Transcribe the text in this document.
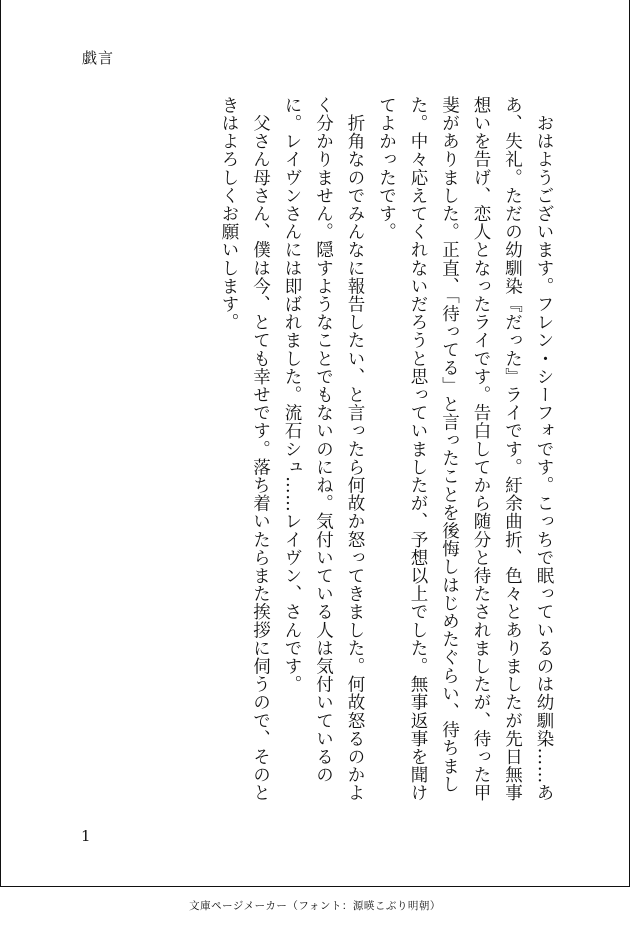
戯言

　おはようございます。フレン・シーフォです。こっちで眠っているのは幼馴染……ああ、失礼。ただの幼馴染『だった』ライです。紆余曲折、色々とありましたが先日無事想いを告げ、恋人となったライです。告白してから随分と待たされましたが、待った甲斐がありました。正直、「待ってる」と言ったことを後悔しはじめたぐらい、待ちました。中々応えてくれないだろうと思っていましたが、予想以上でした。無事返事を聞けてよかったです。

　折角なのでみんなに報告したい、と言ったら何故か怒ってきました。何故怒るのかよく分かりません。隠すようなことでもないのにね。気付いている人は気付いているのに。レイヴンさんには即ばれました。流石シュ……レイヴン、さんです。

　父さん母さん、僕は今、とても幸せです。落ち着いたらまた挨拶に伺うので、そのときはよろしくお願いします。

1
文庫ページメーカー（フォント：源暎こぶり明朝）
